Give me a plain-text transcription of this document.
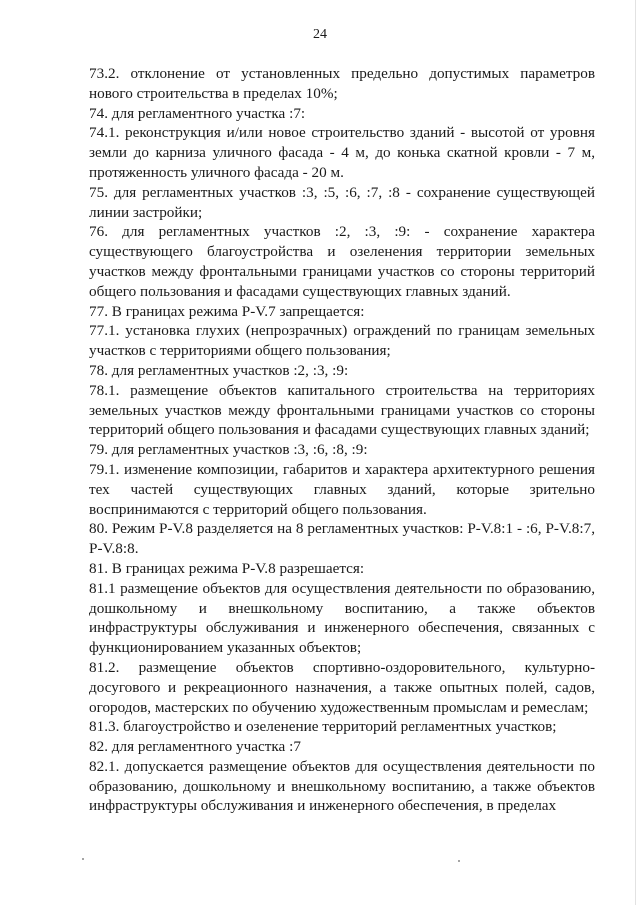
24

73.2. отклонение от установленных предельно допустимых параметров нового строительства в пределах 10%;

74. для регламентного участка :7:

74.1. реконструкция и/или новое строительство зданий - высотой от уровня земли до карниза уличного фасада - 4 м, до конька скатной кровли - 7 м, протяженность уличного фасада - 20 м.

75. для регламентных участков :3, :5, :6, :7, :8 - сохранение существующей линии застройки;

76. для регламентных участков :2, :3, :9: - сохранение характера существующего благоустройства и озеленения территории земельных участков между фронтальными границами участков со стороны территорий общего пользования и фасадами существующих главных зданий.

77. В границах режима Р-V.7 запрещается:

77.1. установка глухих (непрозрачных) ограждений по границам земельных участков с территориями общего пользования;

78. для регламентных участков :2, :3, :9:

78.1. размещение объектов капитального строительства на территориях земельных участков между фронтальными границами участков со стороны территорий общего пользования и фасадами существующих главных зданий;

79. для регламентных участков :3, :6, :8, :9:

79.1. изменение композиции, габаритов и характера архитектурного решения тех частей существующих главных зданий, которые зрительно воспринимаются с территорий общего пользования.

80. Режим Р-V.8 разделяется на 8 регламентных участков: Р-V.8:1 - :6, Р-V.8:7, Р-V.8:8.

81. В границах режима Р-V.8 разрешается:

81.1 размещение объектов для осуществления деятельности по образованию, дошкольному и внешкольному воспитанию, а также объектов инфраструктуры обслуживания и инженерного обеспечения, связанных с функционированием указанных объектов;

81.2. размещение объектов спортивно-оздоровительного, культурно-досугового и рекреационного назначения, а также опытных полей, садов, огородов, мастерских по обучению художественным промыслам и ремеслам;

81.3. благоустройство и озеленение территорий регламентных участков;

82. для регламентного участка :7

82.1. допускается размещение объектов для осуществления деятельности по образованию, дошкольному и внешкольному воспитанию, а также объектов инфраструктуры обслуживания и инженерного обеспечения, в пределах
